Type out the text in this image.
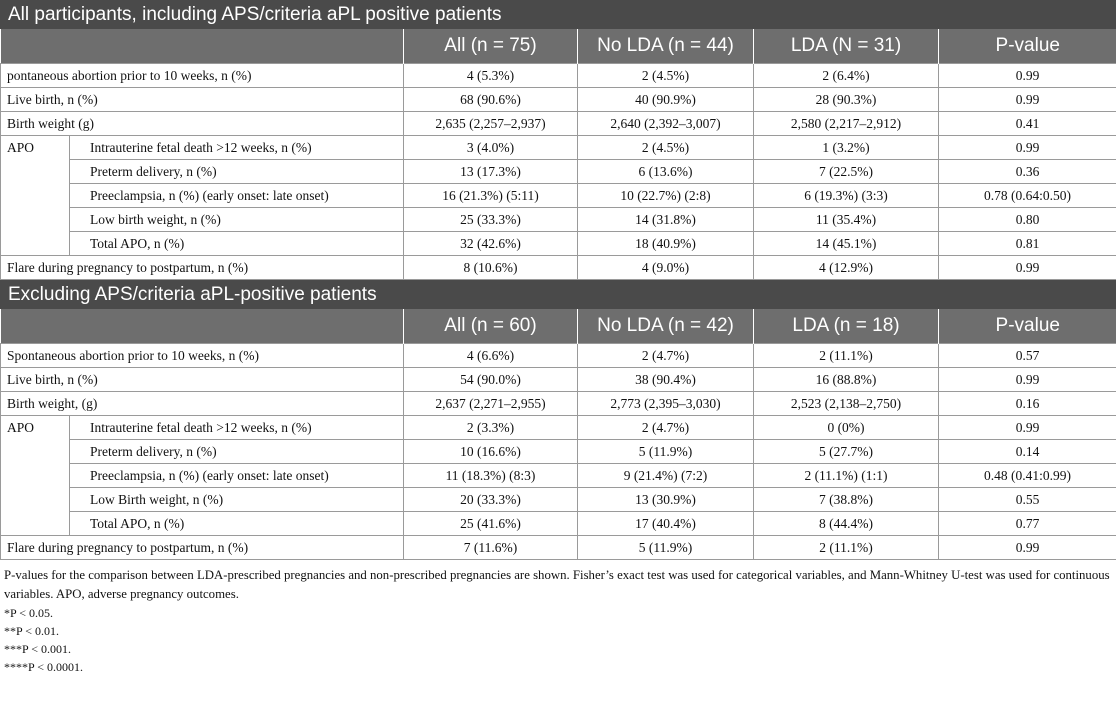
All participants, including APS/criteria aPL positive patients
		All (n = 75)	No LDA (n = 44)	LDA (N = 31)	P-value
pontaneous abortion prior to 10 weeks, n (%)		4 (5.3%)	2 (4.5%)	2 (6.4%)	0.99
Live birth, n (%)		68 (90.6%)	40 (90.9%)	28 (90.3%)	0.99
Birth weight (g)		2,635 (2,257–2,937)	2,640 (2,392–3,007)	2,580 (2,217–2,912)	0.41
APO	Intrauterine fetal death >12 weeks, n (%)	3 (4.0%)	2 (4.5%)	1 (3.2%)	0.99
	Preterm delivery, n (%)	13 (17.3%)	6 (13.6%)	7 (22.5%)	0.36
	Preeclampsia, n (%) (early onset: late onset)	16 (21.3%) (5:11)	10 (22.7%) (2:8)	6 (19.3%) (3:3)	0.78 (0.64:0.50)
	Low birth weight, n (%)	25 (33.3%)	14 (31.8%)	11 (35.4%)	0.80
	Total APO, n (%)	32 (42.6%)	18 (40.9%)	14 (45.1%)	0.81
Flare during pregnancy to postpartum, n (%)		8 (10.6%)	4 (9.0%)	4 (12.9%)	0.99
Excluding APS/criteria aPL-positive patients
		All (n = 60)	No LDA (n = 42)	LDA (n = 18)	P-value
Spontaneous abortion prior to 10 weeks, n (%)		4 (6.6%)	2 (4.7%)	2 (11.1%)	0.57
Live birth, n (%)		54 (90.0%)	38 (90.4%)	16 (88.8%)	0.99
Birth weight, (g)		2,637 (2,271–2,955)	2,773 (2,395–3,030)	2,523 (2,138–2,750)	0.16
APO	Intrauterine fetal death >12 weeks, n (%)	2 (3.3%)	2 (4.7%)	0 (0%)	0.99
	Preterm delivery, n (%)	10 (16.6%)	5 (11.9%)	5 (27.7%)	0.14
	Preeclampsia, n (%) (early onset: late onset)	11 (18.3%) (8:3)	9 (21.4%) (7:2)	2 (11.1%) (1:1)	0.48 (0.41:0.99)
	Low Birth weight, n (%)	20 (33.3%)	13 (30.9%)	7 (38.8%)	0.55
	Total APO, n (%)	25 (41.6%)	17 (40.4%)	8 (44.4%)	0.77
Flare during pregnancy to postpartum, n (%)		7 (11.6%)	5 (11.9%)	2 (11.1%)	0.99
P-values for the comparison between LDA-prescribed pregnancies and non-prescribed pregnancies are shown. Fisher’s exact test was used for categorical variables, and Mann-Whitney U-test was used for continuous variables. APO, adverse pregnancy outcomes.
*P < 0.05.
**P < 0.01.
***P < 0.001.
****P < 0.0001.
